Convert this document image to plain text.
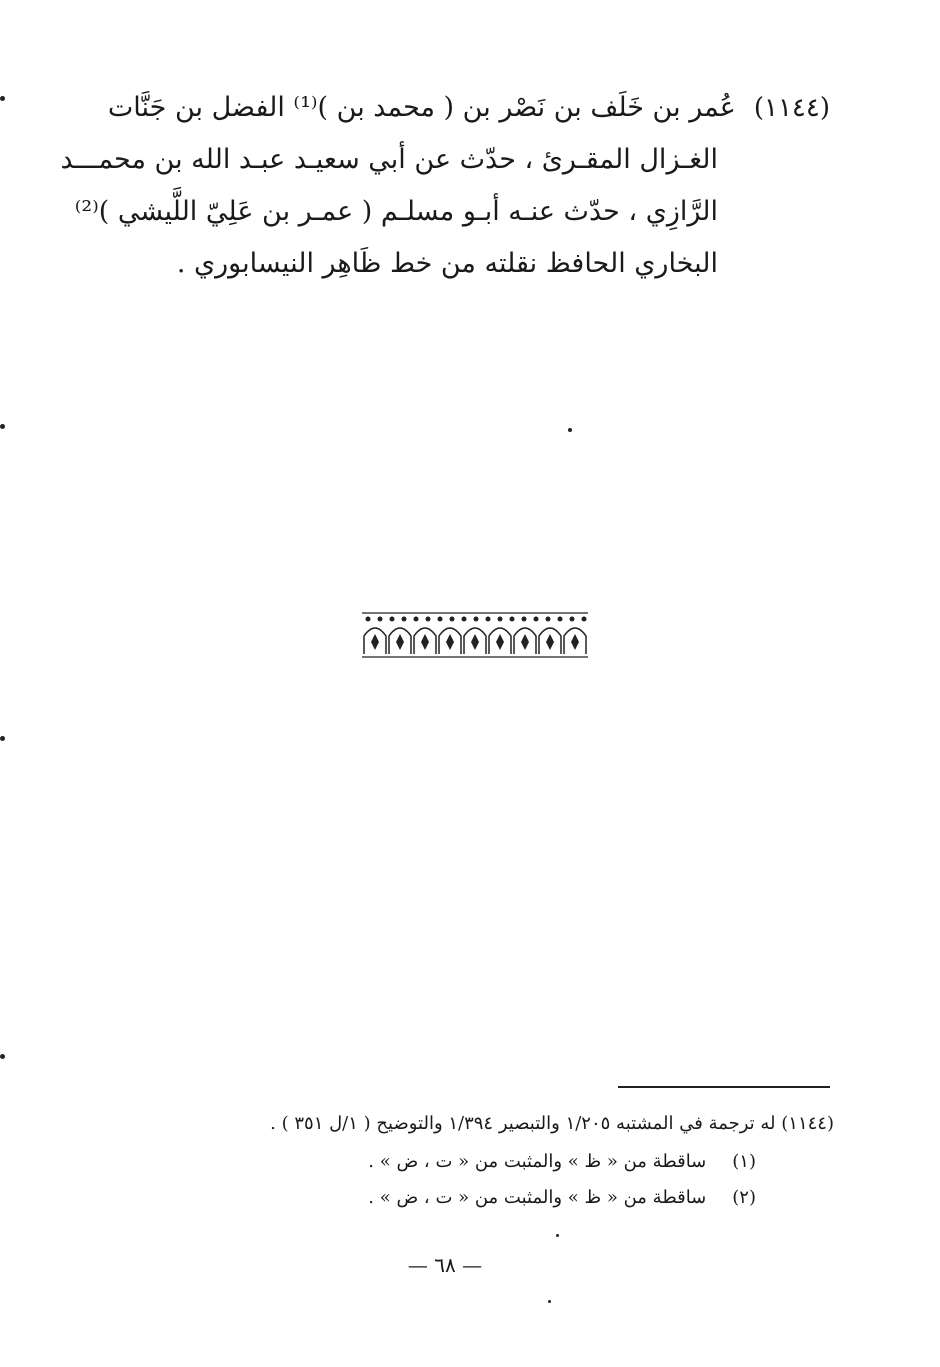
(١١٤٤)عُمر بن خَلَف بن نَصْر بن ( محمد بن )⁽¹⁾ الفضل بن جَنَّات
الغـزال المقـرئ ، حدّث عن أبي سعيـد عبـد الله بن محمـــد
الرَّازِي ، حدّث عنـه أبـو مسلـم ( عمـر بن عَلِيّ اللَّيشي )⁽²⁾
البخاري الحافظ نقلته من خط ظَاهِر النيسابوري .
(١١٤٤) له ترجمة في المشتبه ١/٢٠٥ والتبصير ١/٣٩٤ والتوضيح ( ١/ل ٣٥١ ) .
(١)ساقطة من « ظ » والمثبت من « ت ، ض » .
(٢)ساقطة من « ظ » والمثبت من « ت ، ض » .
— ٦٨ —
